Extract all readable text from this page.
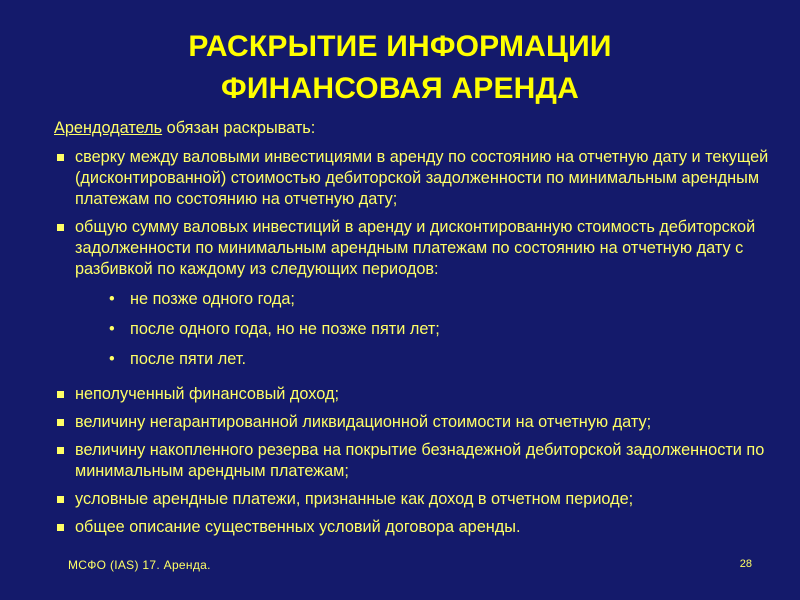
РАСКРЫТИЕ ИНФОРМАЦИИ
ФИНАНСОВАЯ АРЕНДА
Арендодатель обязан раскрывать:
сверку между валовыми инвестициями в аренду по состоянию на отчетную дату и текущей (дисконтированной) стоимостью дебиторской задолженности по минимальным арендным платежам по состоянию на отчетную дату;
общую сумму валовых инвестиций в аренду и дисконтированную стоимость дебиторской задолженности по минимальным арендным платежам по состоянию на отчетную дату с разбивкой по каждому из следующих периодов:
• не позже одного года;
• после одного года, но не позже пяти лет;
• после пяти лет.
неполученный финансовый доход;
величину негарантированной ликвидационной стоимости на отчетную дату;
величину накопленного резерва на покрытие безнадежной дебиторской задолженности по минимальным арендным платежам;
условные арендные платежи, признанные как доход в отчетном периоде;
общее описание существенных условий договора аренды.
МСФО (IAS) 17. Аренда.	28
